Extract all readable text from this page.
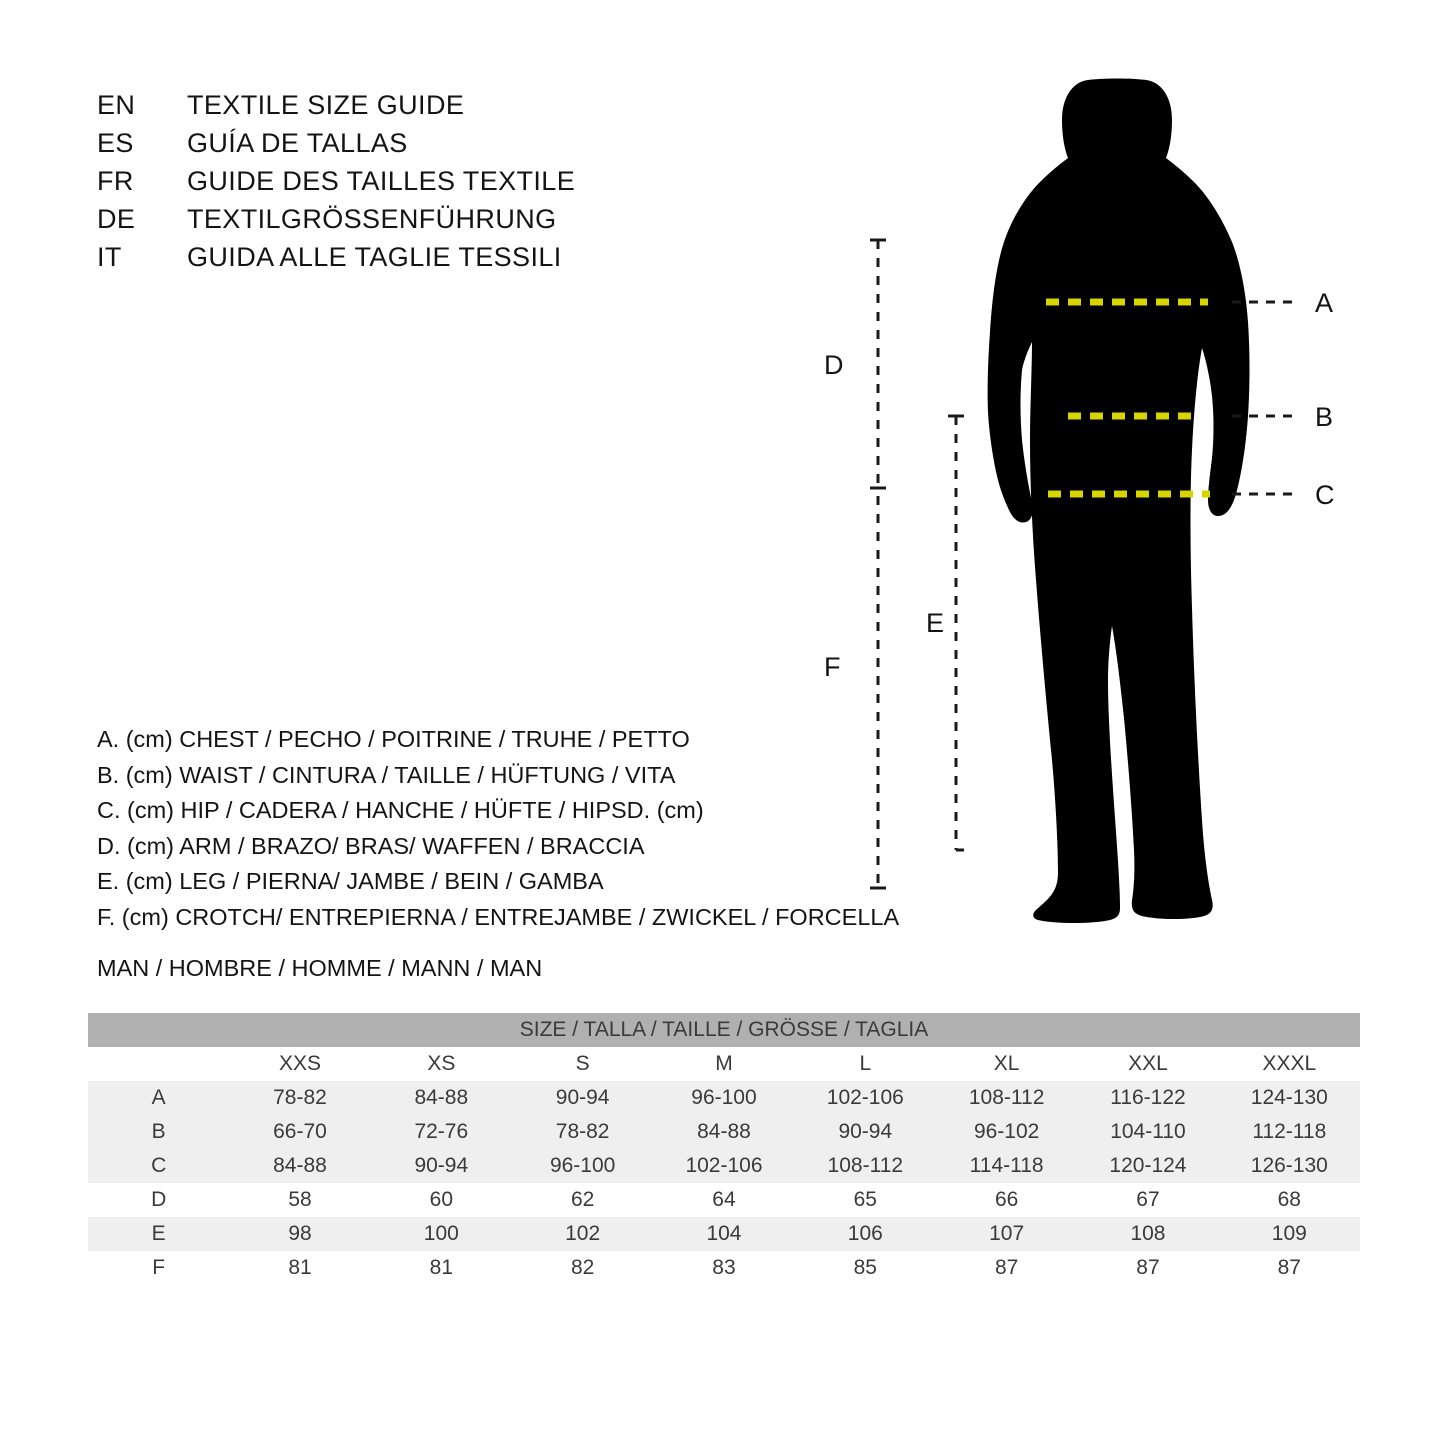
EN	TEXTILE SIZE GUIDE
ES	GUÍA DE TALLAS
FR	GUIDE DES TAILLES TEXTILE
DE	TEXTILGRÖSSENFÜHRUNG
IT	GUIDA ALLE TAGLIE TESSILI
A. (cm) CHEST / PECHO / POITRINE / TRUHE / PETTO
B. (cm) WAIST / CINTURA / TAILLE / HÜFTUNG / VITA
C. (cm) HIP / CADERA / HANCHE / HÜFTE / HIPSD. (cm)
D. (cm) ARM / BRAZO/ BRAS/ WAFFEN / BRACCIA
E. (cm) LEG / PIERNA/ JAMBE / BEIN / GAMBA
F. (cm) CROTCH/ ENTREPIERNA / ENTREJAMBE / ZWICKEL / FORCELLA
MAN / HOMBRE / HOMME / MANN / MAN
A
B
C
E
D
F
SIZE / TALLA / TAILLE / GRÖSSE / TAGLIA								
	XXS	XS	S	M	L	XL	XXL	XXXL
A	78-82	84-88	90-94	96-100	102-106	108-112	116-122	124-130
B	66-70	72-76	78-82	84-88	90-94	96-102	104-110	112-118
C	84-88	90-94	96-100	102-106	108-112	114-118	120-124	126-130
D	58	60	62	64	65	66	67	68
E	98	100	102	104	106	107	108	109
F	81	81	82	83	85	87	87	87
